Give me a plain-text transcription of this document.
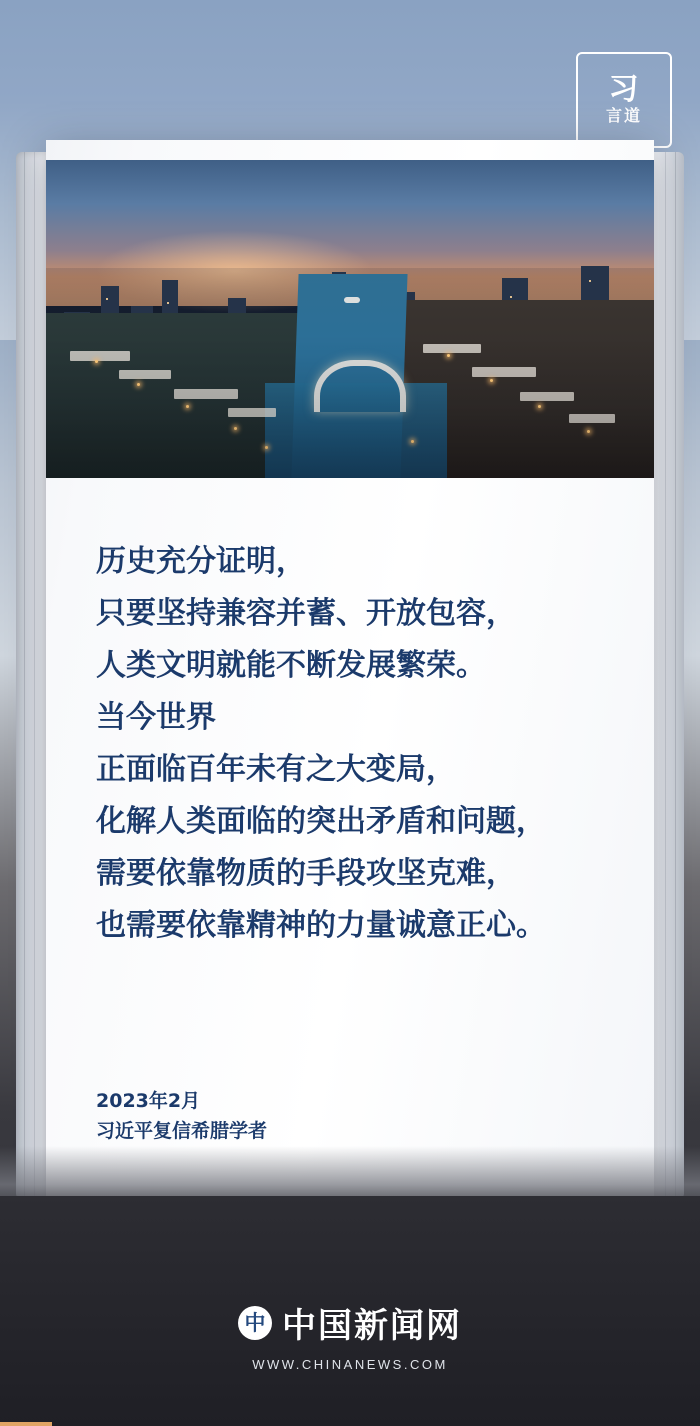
习
言道
历史充分证明，
只要坚持兼容并蓄、开放包容，
人类文明就能不断发展繁荣。
当今世界
正面临百年未有之大变局，
化解人类面临的突出矛盾和问题，
需要依靠物质的手段攻坚克难，
也需要依靠精神的力量诚意正心。
2023年2月
习近平复信希腊学者
中 中国新闻网
WWW.CHINANEWS.COM
